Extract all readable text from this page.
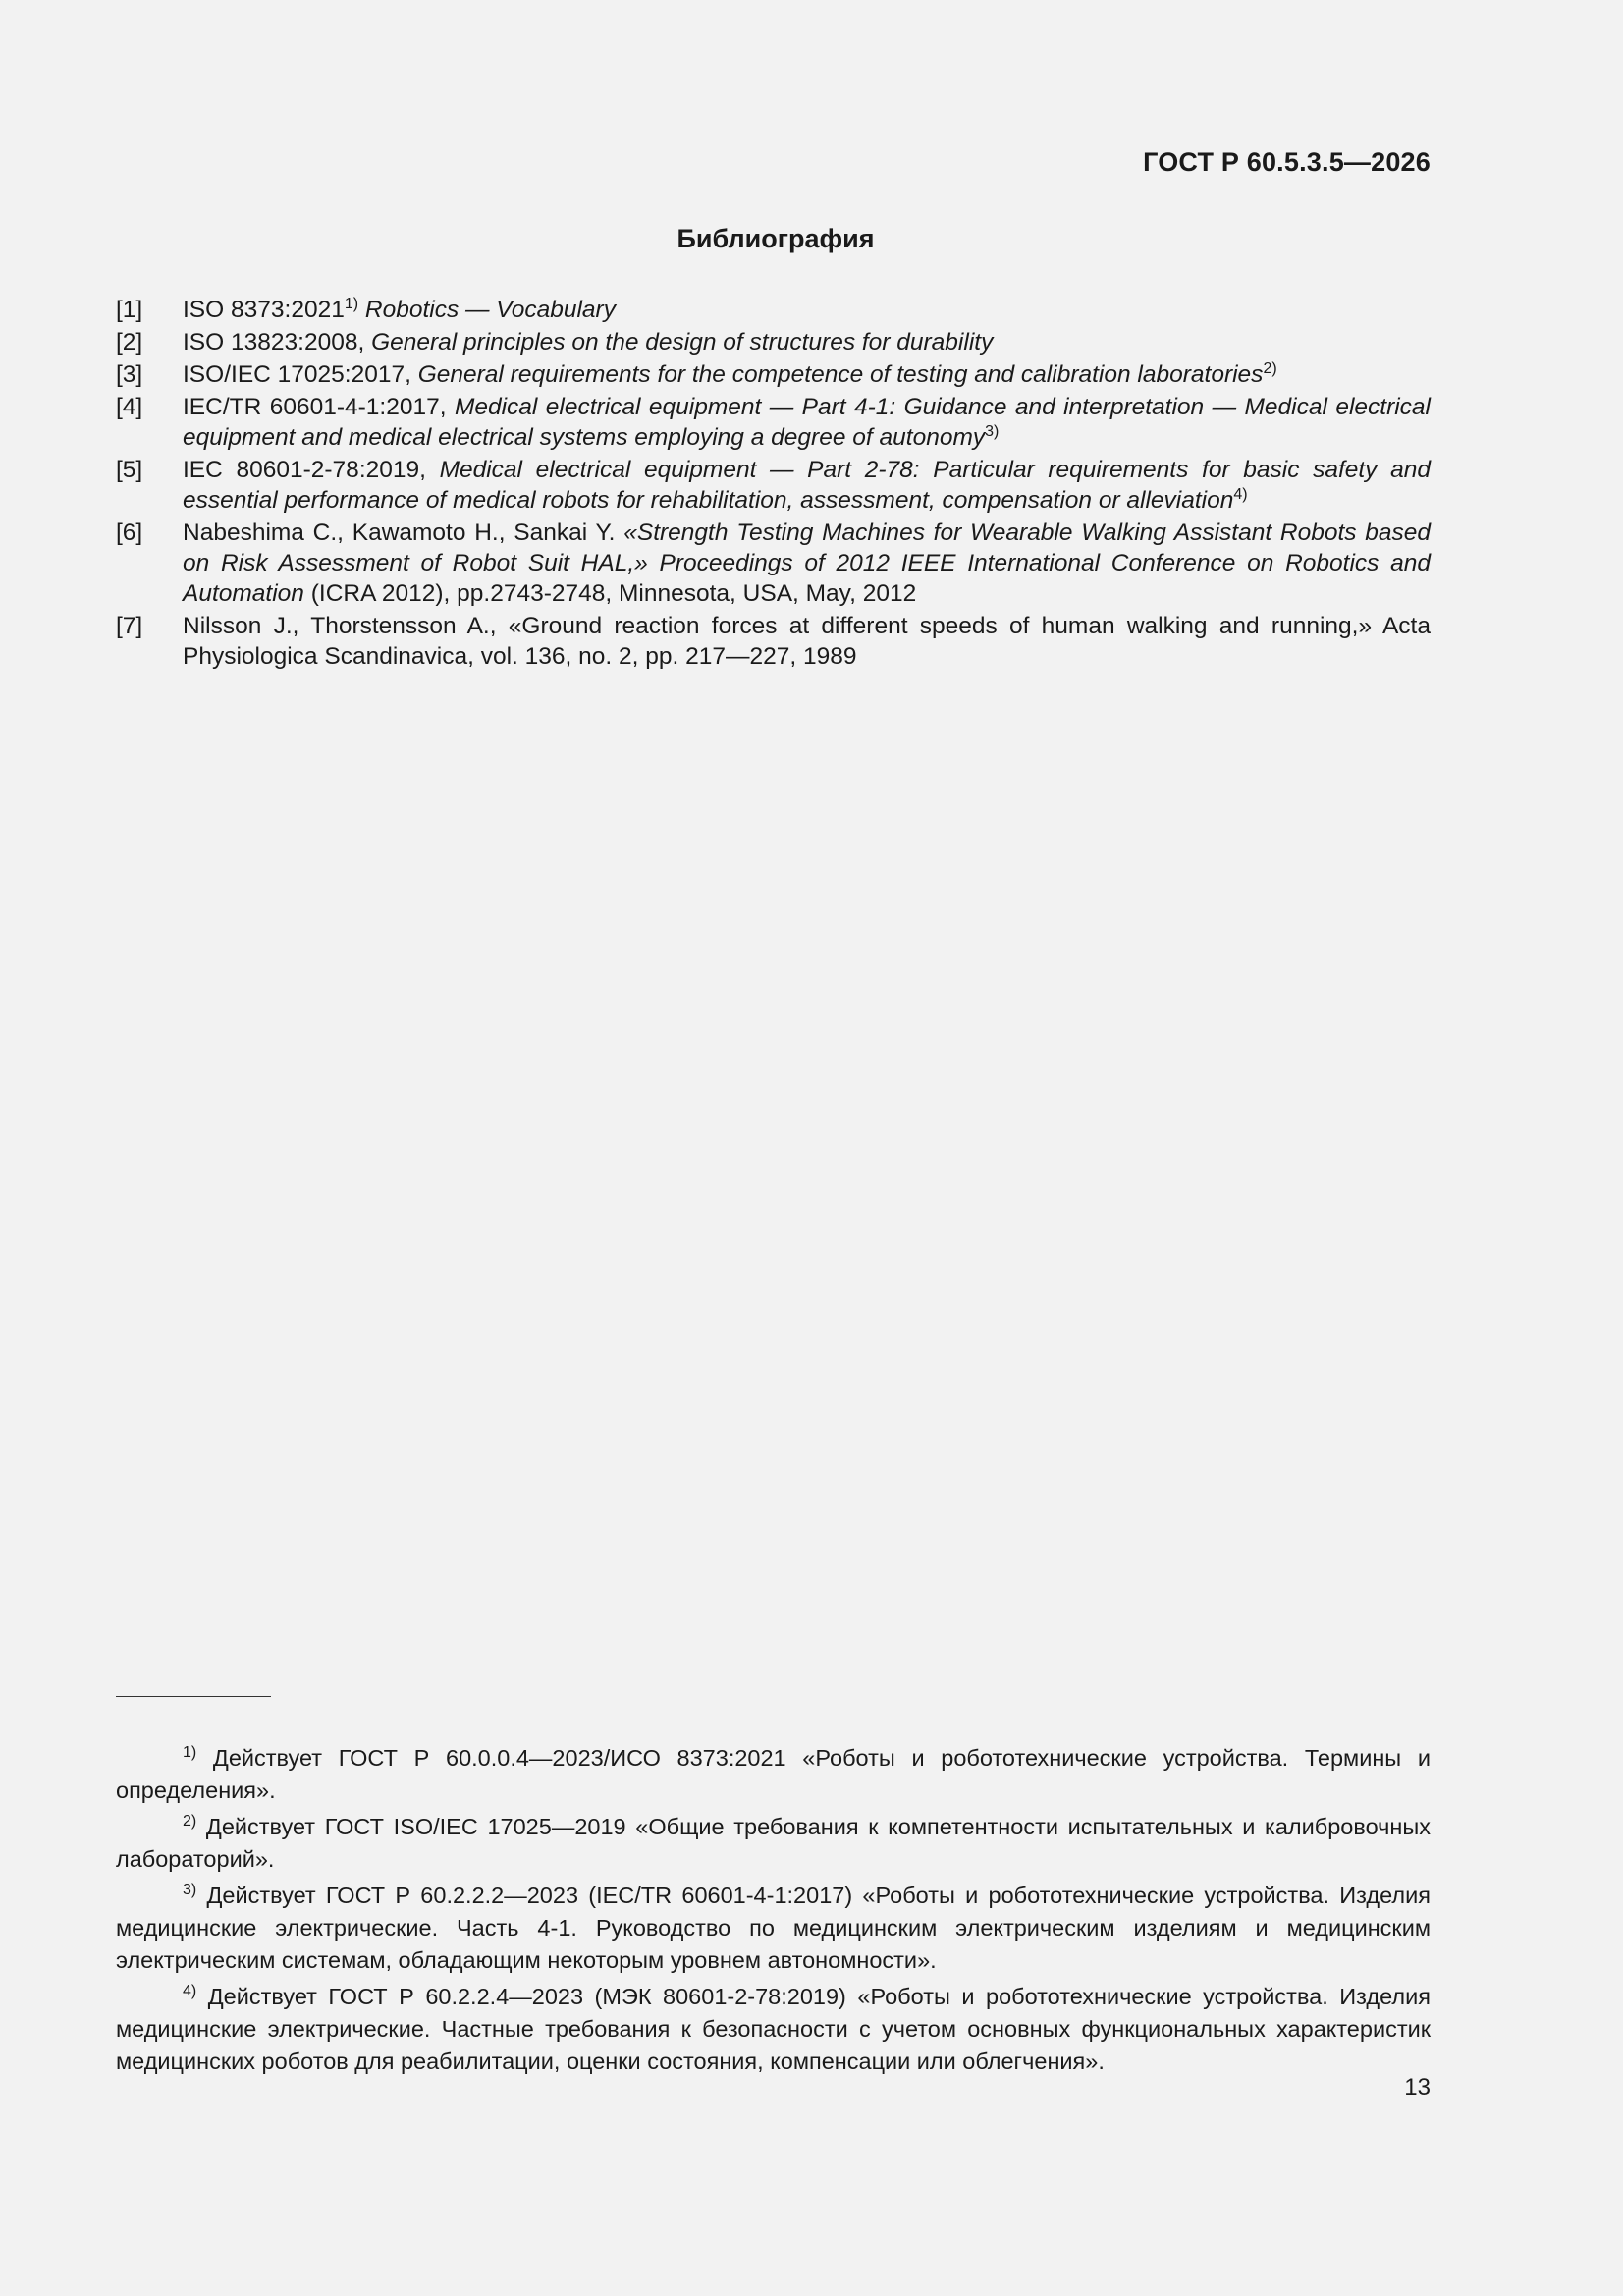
ГОСТ Р 60.5.3.5—2026
Библиография
[1]	ISO 8373:2021$^{1)}$ Robotics — Vocabulary
[2]	ISO 13823:2008, General principles on the design of structures for durability
[3]	ISO/IEC 17025:2017, General requirements for the competence of testing and calibration laboratories$^{2)}$
[4]	IEC/TR 60601-4-1:2017, Medical electrical equipment — Part 4-1: Guidance and interpretation — Medical electrical equipment and medical electrical systems employing a degree of autonomy$^{3)}$
[5]	IEC 80601-2-78:2019, Medical electrical equipment — Part 2-78: Particular requirements for basic safety and essential performance of medical robots for rehabilitation, assessment, compensation or alleviation$^{4)}$
[6]	Nabeshima C., Kawamoto H., Sankai Y. «Strength Testing Machines for Wearable Walking Assistant Robots based on Risk Assessment of Robot Suit HAL,» Proceedings of 2012 IEEE International Conference on Robotics and Automation (ICRA 2012), pp.2743-2748, Minnesota, USA, May, 2012
[7]	Nilsson J., Thorstensson A., «Ground reaction forces at different speeds of human walking and running,» Acta Physiologica Scandinavica, vol. 136, no. 2, pp. 217—227, 1989
$^{1)}$ Действует ГОСТ Р 60.0.0.4—2023/ИСО 8373:2021 «Роботы и робототехнические устройства. Термины и определения».
$^{2)}$ Действует ГОСТ ISO/IEC 17025—2019 «Общие требования к компетентности испытательных и калибровочных лабораторий».
$^{3)}$ Действует ГОСТ Р 60.2.2.2—2023 (IEC/TR 60601-4-1:2017) «Роботы и робототехнические устройства. Изделия медицинские электрические. Часть 4-1. Руководство по медицинским электрическим изделиям и медицинским электрическим системам, обладающим некоторым уровнем автономности».
$^{4)}$ Действует ГОСТ Р 60.2.2.4—2023 (МЭК 80601-2-78:2019) «Роботы и робототехнические устройства. Изделия медицинские электрические. Частные требования к безопасности с учетом основных функциональных характеристик медицинских роботов для реабилитации, оценки состояния, компенсации или облегчения».
13
